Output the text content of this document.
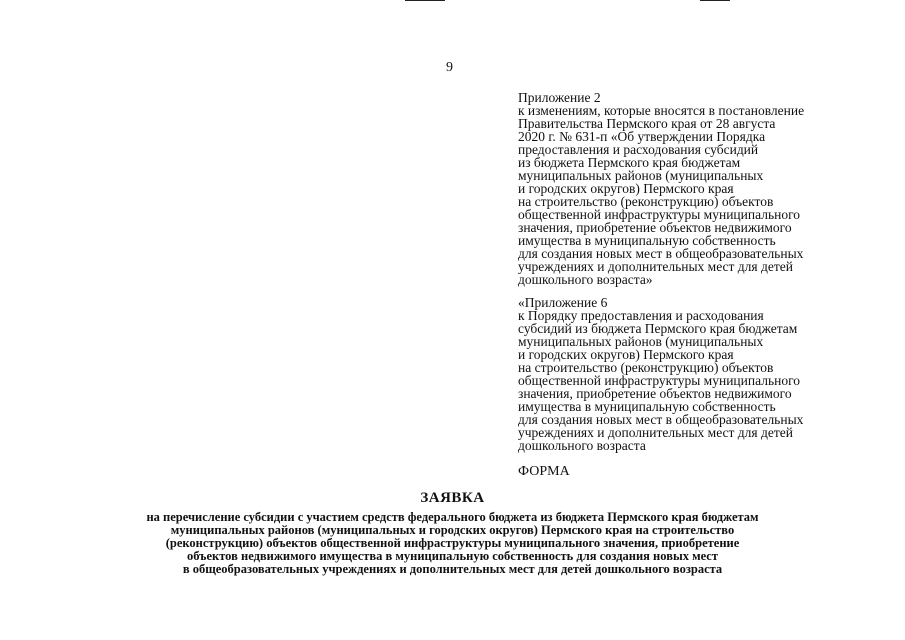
9
Приложение 2
к изменениям, которые вносятся в постановление
Правительства Пермского края от 28 августа
2020 г. № 631-п «Об утверждении Порядка
предоставления и расходования субсидий
из бюджета Пермского края бюджетам
муниципальных районов (муниципальных
и городских округов) Пермского края
на строительство (реконструкцию) объектов
общественной инфраструктуры муниципального
значения, приобретение объектов недвижимого
имущества в муниципальную собственность
для создания новых мест в общеобразовательных
учреждениях и дополнительных мест для детей
дошкольного возраста»
«Приложение 6
к Порядку предоставления и расходования
субсидий из бюджета Пермского края бюджетам
муниципальных районов (муниципальных
и городских округов) Пермского края
на строительство (реконструкцию) объектов
общественной инфраструктуры муниципального
значения, приобретение объектов недвижимого
имущества в муниципальную собственность
для создания новых мест в общеобразовательных
учреждениях и дополнительных мест для детей
дошкольного возраста
ФОРМА
ЗАЯВКА
на перечисление субсидии с участием средств федерального бюджета из бюджета Пермского края бюджетам
муниципальных районов (муниципальных и городских округов) Пермского края на строительство
(реконструкцию) объектов общественной инфраструктуры муниципального значения, приобретение
объектов недвижимого имущества в муниципальную собственность для создания новых мест
в общеобразовательных учреждениях и дополнительных мест для детей дошкольного возраста
